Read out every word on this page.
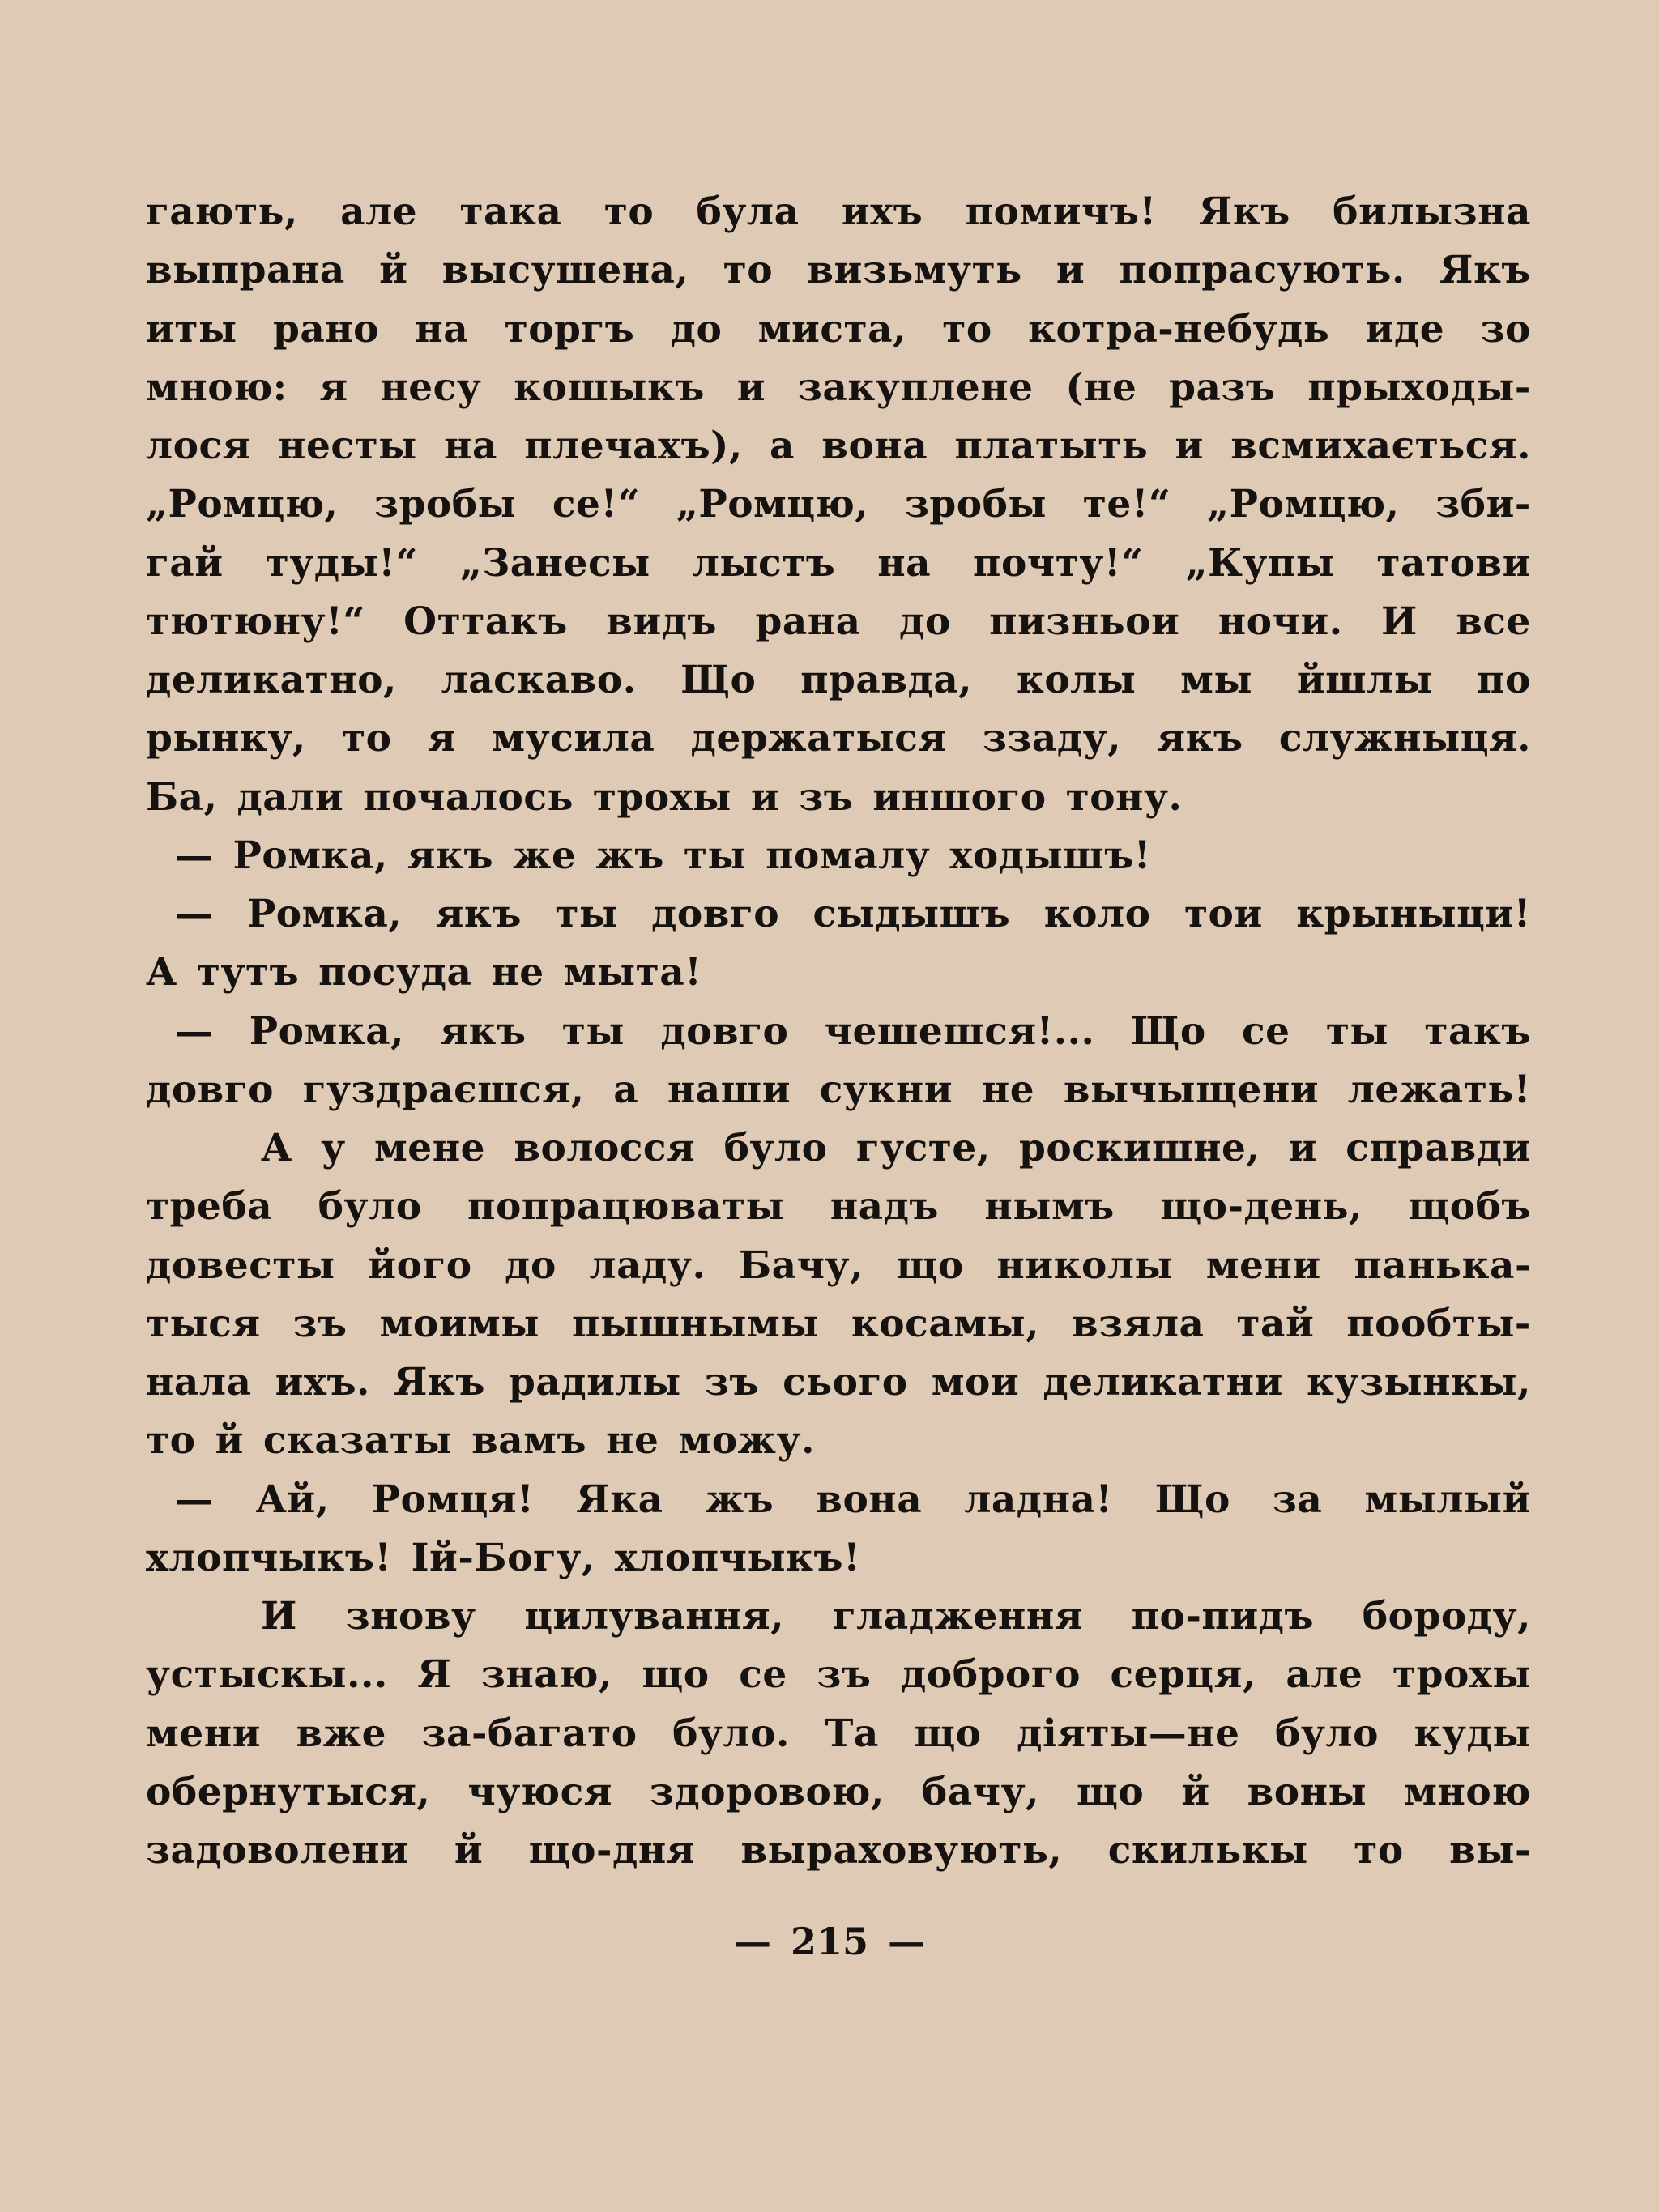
гають, але така то була ихъ помичъ! Якъ билызна
выпрана й высушена, то визьмуть и попрасують. Якъ
иты рано на торгъ до миста, то котра-небудь иде зо
мною: я несу кошыкъ и закуплене (не разъ прыходы-
лося несты на плечахъ), а вона платыть и всмихається.
„Ромцю, зробы се!“ „Ромцю, зробы те!“ „Ромцю, зби-
гай туды!“ „Занесы лыстъ на почту!“ „Купы татови
тютюну!“ Оттакъ видъ рана до пизньои ночи. И все
деликатно, ласкаво. Що правда, колы мы йшлы по
рынку, то я мусила держатыся ззаду, якъ служныця.
Ба, дали почалось трохы и зъ иншого тону.
— Ромка, якъ же жъ ты помалу ходышъ!
— Ромка, якъ ты довго сыдышъ коло тои крыныци!
А тутъ посуда не мыта!
— Ромка, якъ ты довго чешешся!... Що се ты такъ
довго гуздраєшся, а наши сукни не вычыщени лежать!
А у мене волосся було густе, роскишне, и справди
треба було попрацюваты надъ нымъ що-день, щобъ
довесты його до ладу. Бачу, що николы мени панька-
тыся зъ моимы пышнымы косамы, взяла тай пообты-
нала ихъ. Якъ радилы зъ сього мои деликатни кузынкы,
то й сказаты вамъ не можу.
— Ай, Ромця! Яка жъ вона ладна! Що за мылый
хлопчыкъ! Ій-Богу, хлопчыкъ!
И знову цилування, гладження по-пидъ бороду,
устыскы... Я знаю, що се зъ доброго серця, але трохы
мени вже за-багато було. Та що діяты—не було куды
обернутыся, чуюся здоровою, бачу, що й воны мною
задоволени й що-дня выраховують, скилькы то вы-
— 215 —
